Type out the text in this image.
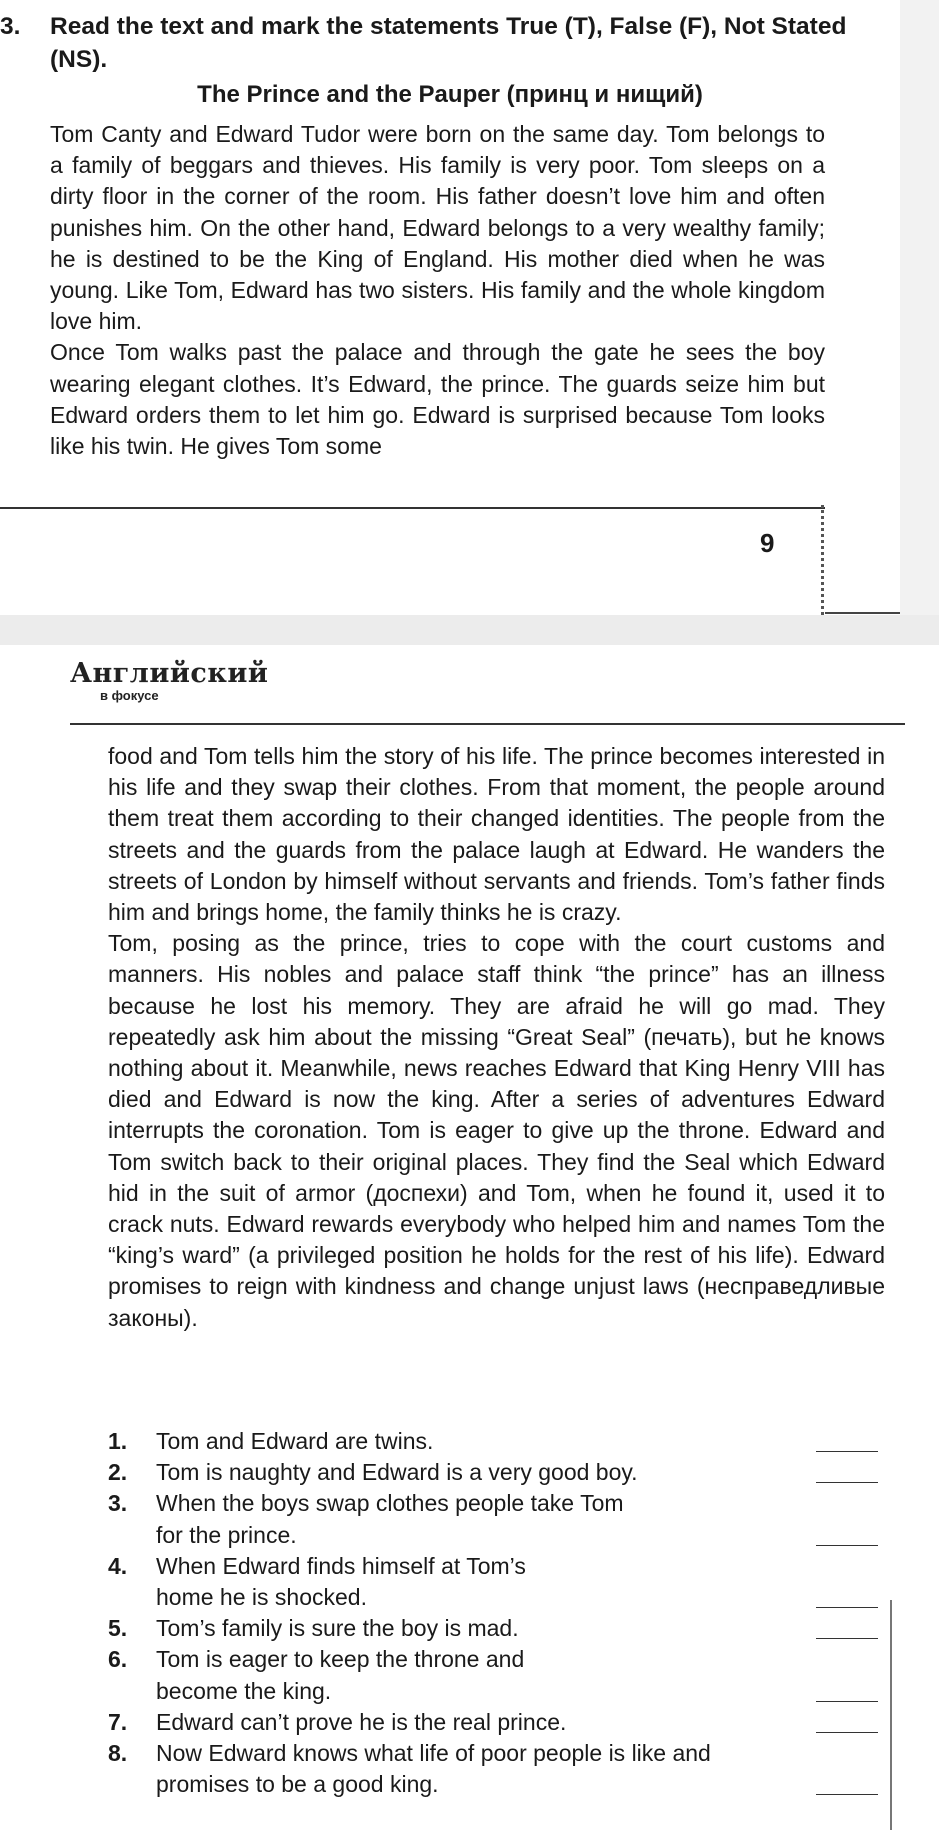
3. Read the text and mark the statements True (T), False (F), Not Stated (NS).
The Prince and the Pauper (принц и нищий)

Tom Canty and Edward Tudor were born on the same day. Tom belongs to a family of beggars and thieves. His family is very poor. Tom sleeps on a dirty floor in the corner of the room. His father doesn’t love him and often punishes him. On the other hand, Edward belongs to a very wealthy family; he is destined to be the King of England. His mother died when he was young. Like Tom, Edward has two sisters. His family and the whole kingdom love him.

Once Tom walks past the palace and through the gate he sees the boy wearing elegant clothes. It’s Edward, the prince. The guards seize him but Edward orders them to let him go. Edward is surprised because Tom looks like his twin. He gives Tom some

9
Английский
в фокусе

food and Tom tells him the story of his life. The prince becomes interested in his life and they swap their clothes. From that moment, the people around them treat them according to their changed identities. The people from the streets and the guards from the palace laugh at Edward. He wanders the streets of London by himself without servants and friends. Tom’s father finds him and brings home, the family thinks he is crazy.

Tom, posing as the prince, tries to cope with the court customs and manners. His nobles and palace staff think “the prince” has an illness because he lost his memory. They are afraid he will go mad. They repeatedly ask him about the missing “Great Seal” (печать), but he knows nothing about it. Meanwhile, news reaches Edward that King Henry VIII has died and Edward is now the king. After a series of adventures Edward interrupts the coronation. Tom is eager to give up the throne. Edward and Tom switch back to their original places. They find the Seal which Edward hid in the suit of armor (доспехи) and Tom, when he found it, used it to crack nuts. Edward rewards everybody who helped him and names Tom the “king’s ward” (a privileged position he holds for the rest of his life). Edward promises to reign with kindness and change unjust laws (несправедливые законы).

1. Tom and Edward are twins.
2. Tom is naughty and Edward is a very good boy.
3. When the boys swap clothes people take Tom for the prince.
4. When Edward finds himself at Tom’s home he is shocked.
5. Tom’s family is sure the boy is mad.
6. Tom is eager to keep the throne and become the king.
7. Edward can’t prove he is the real prince.
8. Now Edward knows what life of poor people is like and promises to be a good king.
